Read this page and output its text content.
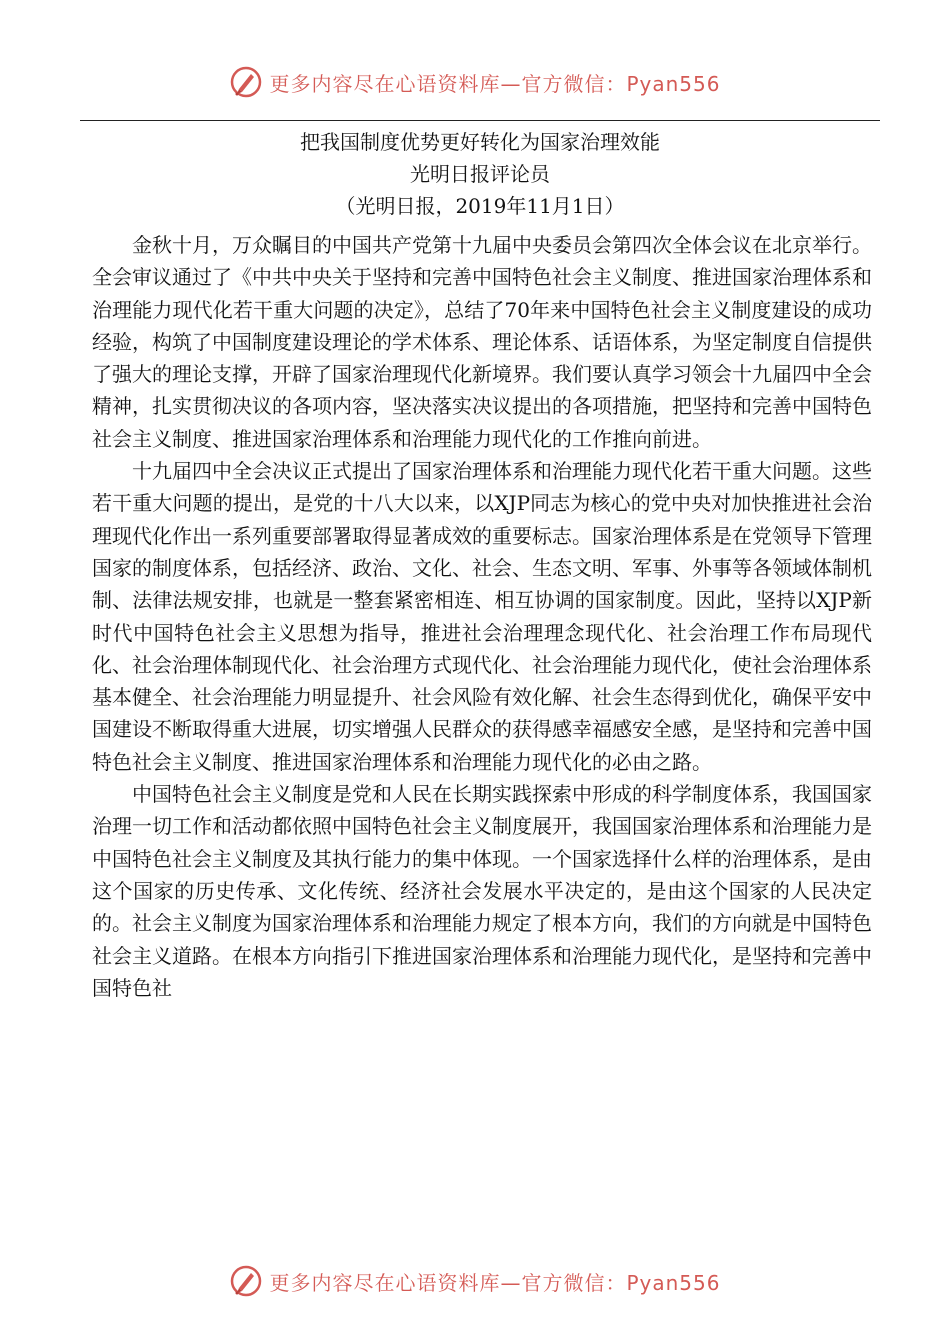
更多内容尽在心语资料库—官方微信：Pyan556
把我国制度优势更好转化为国家治理效能
光明日报评论员
（光明日报，2019年11月1日）

金秋十月，万众瞩目的中国共产党第十九届中央委员会第四次全体会议在北京举行。全会审议通过了《中共中央关于坚持和完善中国特色社会主义制度、推进国家治理体系和治理能力现代化若干重大问题的决定》，总结了70年来中国特色社会主义制度建设的成功经验，构筑了中国制度建设理论的学术体系、理论体系、话语体系，为坚定制度自信提供了强大的理论支撑，开辟了国家治理现代化新境界。我们要认真学习领会十九届四中全会精神，扎实贯彻决议的各项内容，坚决落实决议提出的各项措施，把坚持和完善中国特色社会主义制度、推进国家治理体系和治理能力现代化的工作推向前进。

十九届四中全会决议正式提出了国家治理体系和治理能力现代化若干重大问题。这些若干重大问题的提出，是党的十八大以来，以XJP同志为核心的党中央对加快推进社会治理现代化作出一系列重要部署取得显著成效的重要标志。国家治理体系是在党领导下管理国家的制度体系，包括经济、政治、文化、社会、生态文明、军事、外事等各领域体制机制、法律法规安排，也就是一整套紧密相连、相互协调的国家制度。因此，坚持以XJP新时代中国特色社会主义思想为指导，推进社会治理理念现代化、社会治理工作布局现代化、社会治理体制现代化、社会治理方式现代化、社会治理能力现代化，使社会治理体系基本健全、社会治理能力明显提升、社会风险有效化解、社会生态得到优化，确保平安中国建设不断取得重大进展，切实增强人民群众的获得感幸福感安全感，是坚持和完善中国特色社会主义制度、推进国家治理体系和治理能力现代化的必由之路。

中国特色社会主义制度是党和人民在长期实践探索中形成的科学制度体系，我国国家治理一切工作和活动都依照中国特色社会主义制度展开，我国国家治理体系和治理能力是中国特色社会主义制度及其执行能力的集中体现。一个国家选择什么样的治理体系，是由这个国家的历史传承、文化传统、经济社会发展水平决定的，是由这个国家的人民决定的。社会主义制度为国家治理体系和治理能力规定了根本方向，我们的方向就是中国特色社会主义道路。在根本方向指引下推进国家治理体系和治理能力现代化，是坚持和完善中国特色社

更多内容尽在心语资料库—官方微信：Pyan556
